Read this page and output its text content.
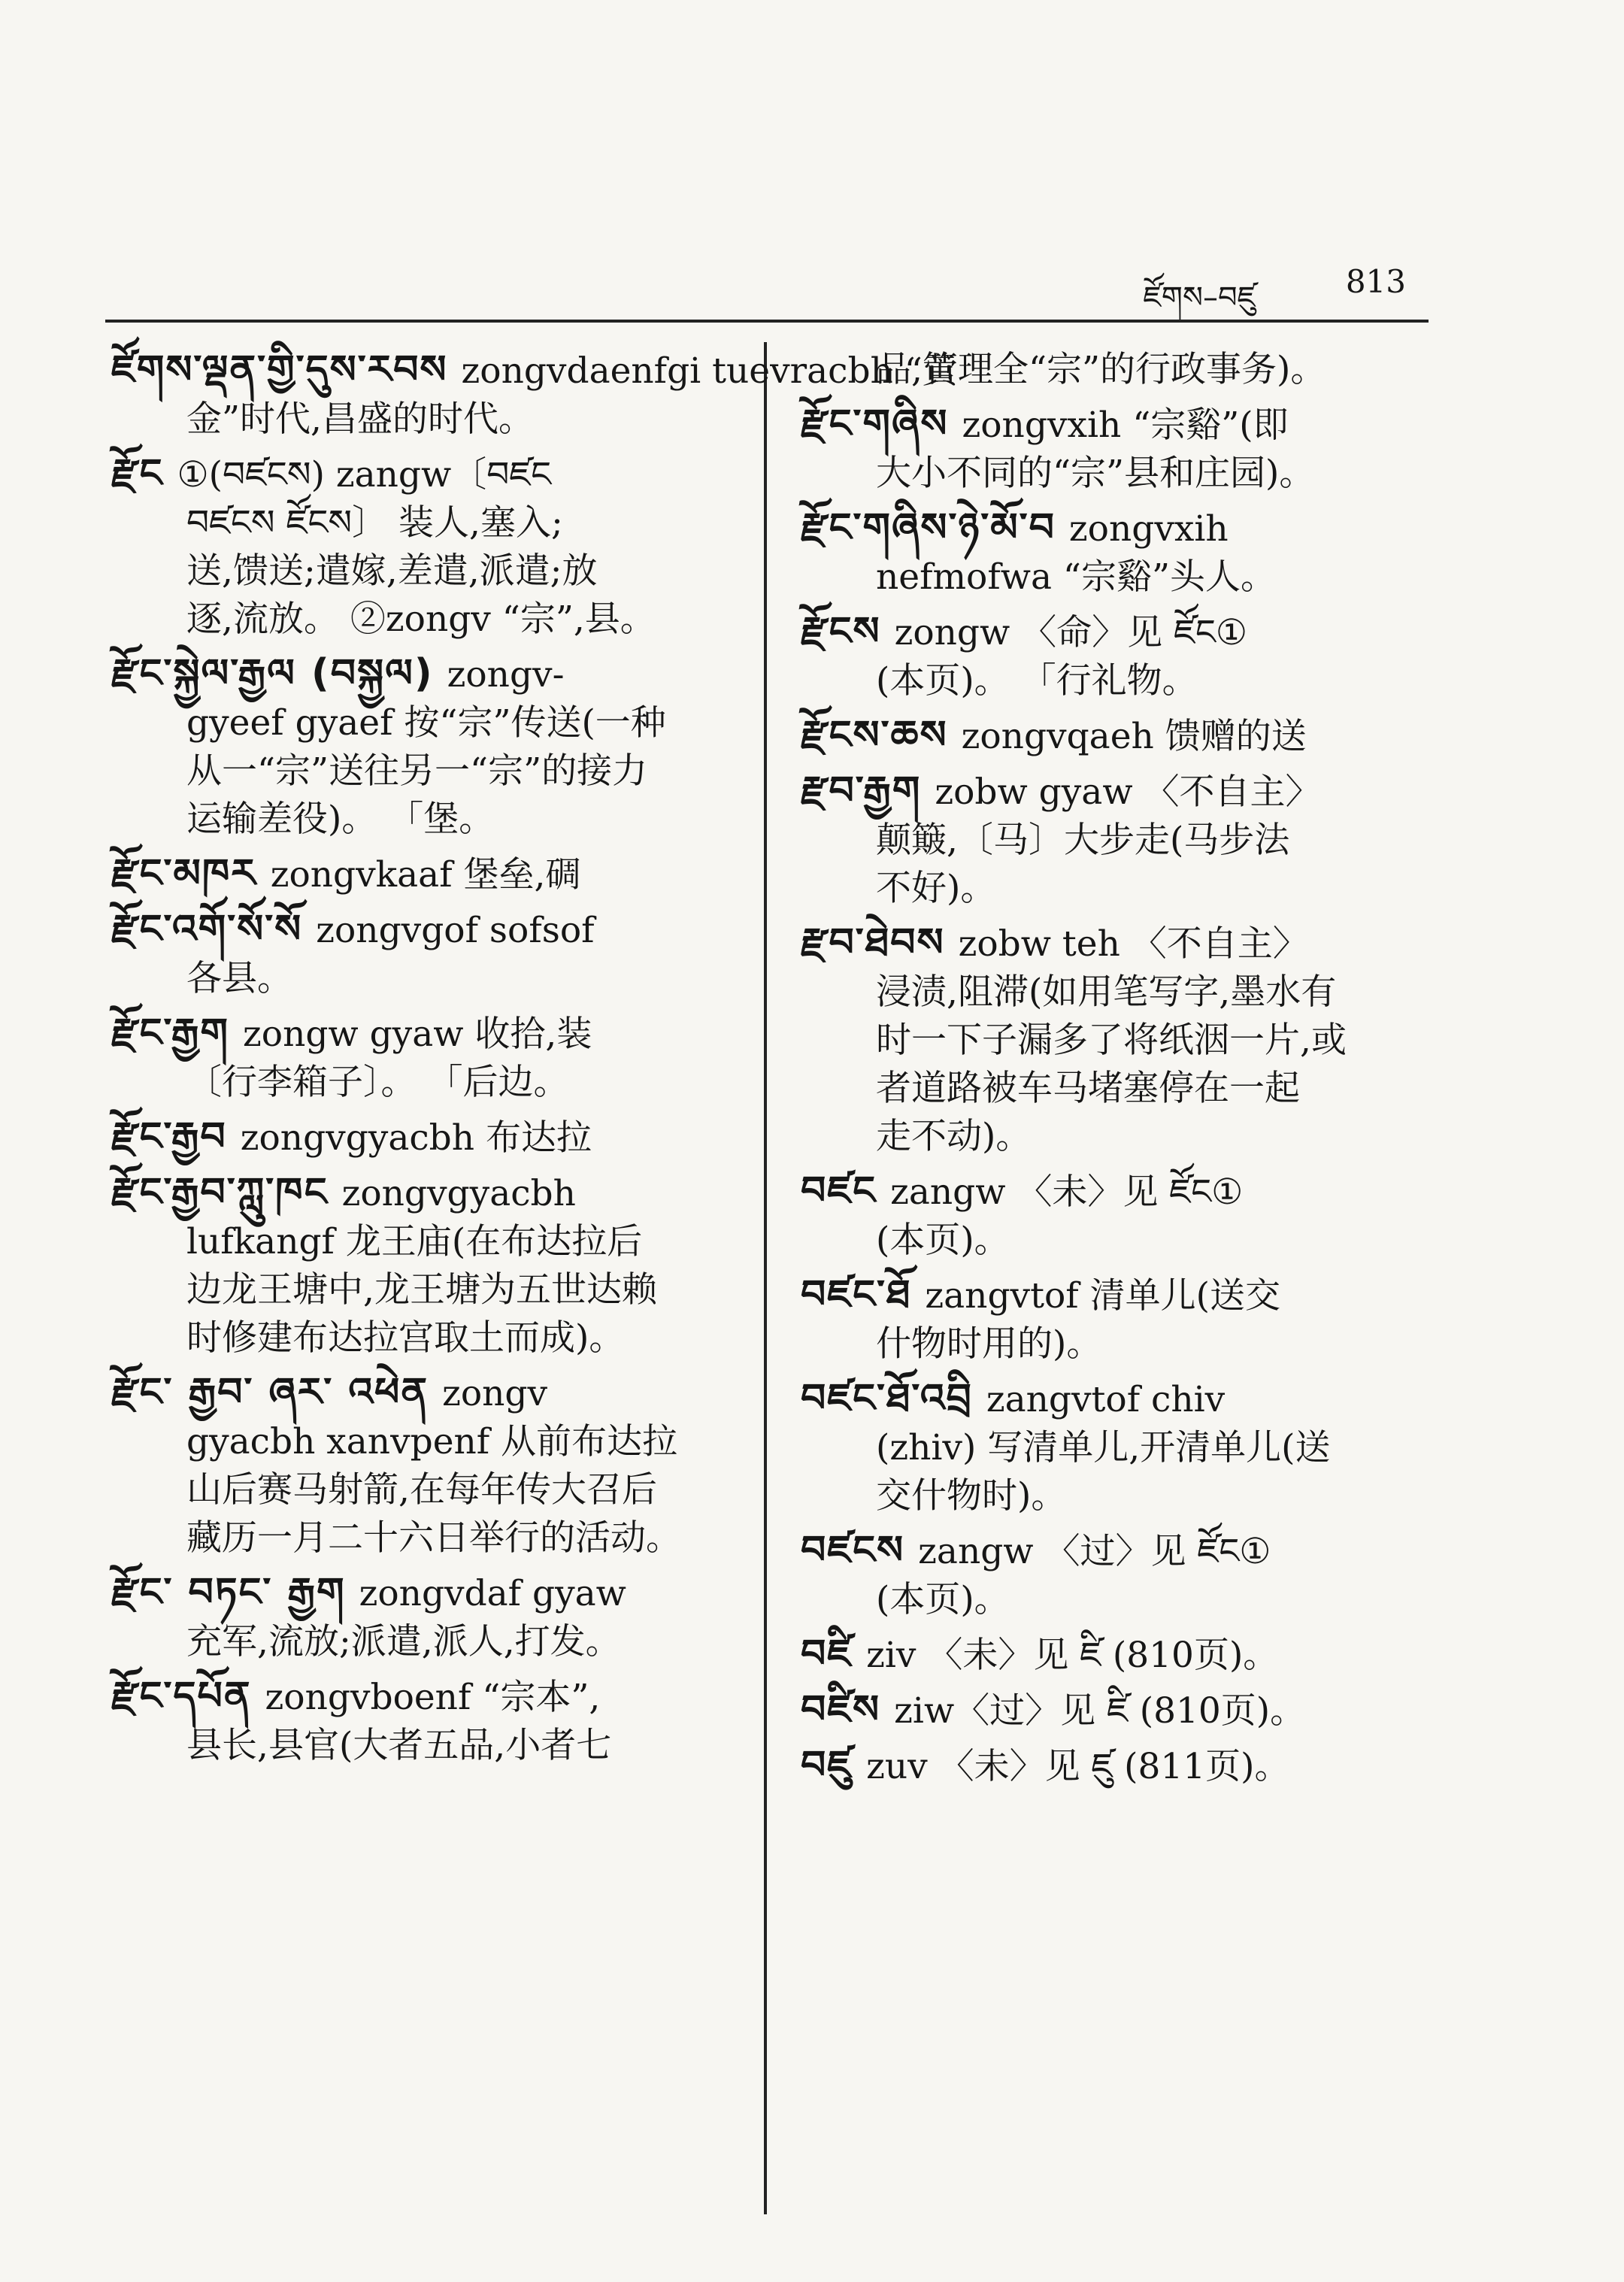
ཛོགས–བཛུ	813
ཛོགས་ལྡན་གྱི་དུས་རབས zongvdaenfgi tuevracbh “黄
金”时代,昌盛的时代。
རྫོང ①(བཛངས) zangw〔བཛང
བཛངས ཛོངས〕 装人,塞入;
送,馈送;遣嫁,差遣,派遣;放
逐,流放。 ②zongv “宗”,县。
རྫོང་སྐྱེལ་རྒྱལ (བསྐྱལ) zongv-
gyeef gyaef 按“宗”传送(一种
从一“宗”送往另一“宗”的接力
运输差役)。 「堡。
རྫོང་མཁར zongvkaaf 堡垒,碉
རྫོང་འགོ་སོ་སོ zongvgof sofsof
各县。
རྫོང་རྒྱག zongw gyaw 收拾,装
〔行李箱子〕。 「后边。
རྫོང་རྒྱབ zongvgyacbh 布达拉
རྫོང་རྒྱབ་ཀླུ་ཁང zongvgyacbh
lufkangf 龙王庙(在布达拉后
边龙王塘中,龙王塘为五世达赖
时修建布达拉宫取土而成)。
རྫོང་ རྒྱབ་ ཞར་ འཕེན zongv
gyacbh xanvpenf 从前布达拉
山后赛马射箭,在每年传大召后
藏历一月二十六日举行的活动。
རྫོང་ བཏང་ རྒྱག zongvdaf gyaw
充军,流放;派遣,派人,打发。
རྫོང་དཔོན zongvboenf “宗本”,
县长,县官(大者五品,小者七
品,管理全“宗”的行政事务)。
རྫོང་གཞིས zongvxih “宗谿”(即
大小不同的“宗”县和庄园)。
རྫོང་གཞིས་ཉེ་མོ་བ zongvxih
nefmofwa “宗谿”头人。
རྫོངས zongw 〈命〉见 ཛོང①
(本页)。 「行礼物。
རྫོངས་ཆས zongvqaeh 馈赠的送
རྫབ་རྒྱག zobw gyaw 〈不自主〉
颠簸,〔马〕大步走(马步法
不好)。
རྫབ་ཐེབས zobw teh 〈不自主〉
浸渍,阻滞(如用笔写字,墨水有
时一下子漏多了将纸洇一片,或
者道路被车马堵塞停在一起
走不动)。
བཛང zangw 〈未〉见 ཛོང①
(本页)。
བཛང་ཐོ zangvtof 清单儿(送交
什物时用的)。
བཛང་ཐོ་འབྲི zangvtof chiv
(zhiv) 写清单儿,开清单儿(送
交什物时)。
བཛངས zangw 〈过〉见 ཛོང①
(本页)。
བཛི ziv 〈未〉见 ཛི (810页)。
བཛིས ziw〈过〉见 ཛི (810页)。
བཛུ zuv 〈未〉见 ཛུ (811页)。
